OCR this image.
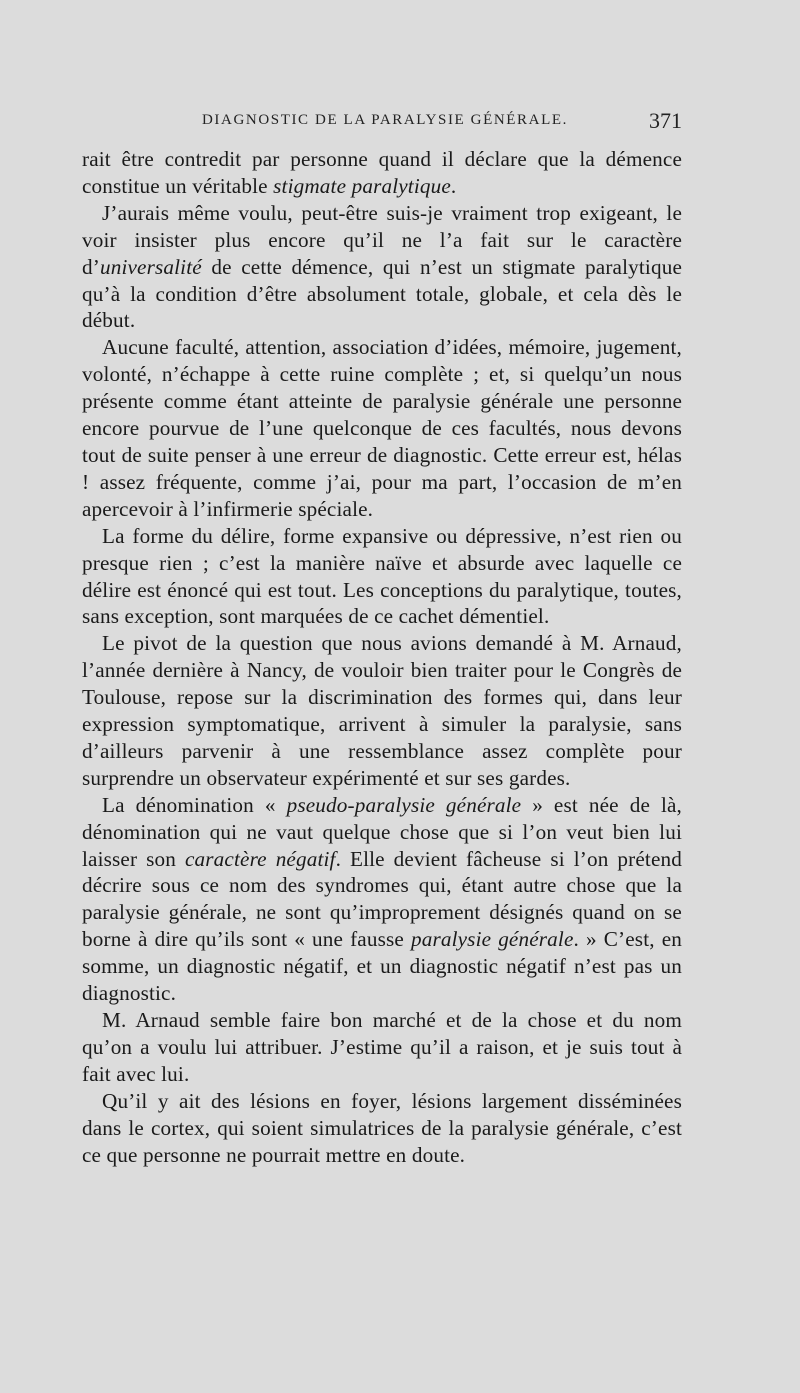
DIAGNOSTIC DE LA PARALYSIE GÉNÉRALE.	371

rait être contredit par personne quand il déclare que la démence constitue un véritable stigmate paralytique.

J’aurais même voulu, peut-être suis-je vraiment trop exigeant, le voir insister plus encore qu’il ne l’a fait sur le caractère d’universalité de cette démence, qui n’est un stigmate paralytique qu’à la condition d’être absolument totale, globale, et cela dès le début.

Aucune faculté, attention, association d’idées, mémoire, jugement, volonté, n’échappe à cette ruine complète ; et, si quelqu’un nous présente comme étant atteinte de paralysie générale une personne encore pourvue de l’une quelconque de ces facultés, nous devons tout de suite penser à une erreur de diagnostic. Cette erreur est, hélas ! assez fréquente, comme j’ai, pour ma part, l’occasion de m’en apercevoir à l’infirmerie spéciale.

La forme du délire, forme expansive ou dépressive, n’est rien ou presque rien ; c’est la manière naïve et absurde avec laquelle ce délire est énoncé qui est tout. Les conceptions du paralytique, toutes, sans exception, sont marquées de ce cachet démentiel.

Le pivot de la question que nous avions demandé à M. Arnaud, l’année dernière à Nancy, de vouloir bien traiter pour le Congrès de Toulouse, repose sur la discrimination des formes qui, dans leur expression symptomatique, arrivent à simuler la paralysie, sans d’ailleurs parvenir à une ressemblance assez complète pour surprendre un observateur expérimenté et sur ses gardes.

La dénomination « pseudo-paralysie générale » est née de là, dénomination qui ne vaut quelque chose que si l’on veut bien lui laisser son caractère négatif. Elle devient fâcheuse si l’on prétend décrire sous ce nom des syndromes qui, étant autre chose que la paralysie générale, ne sont qu’improprement désignés quand on se borne à dire qu’ils sont « une fausse paralysie générale. » C’est, en somme, un diagnostic négatif, et un diagnostic négatif n’est pas un diagnostic.

M. Arnaud semble faire bon marché et de la chose et du nom qu’on a voulu lui attribuer. J’estime qu’il a raison, et je suis tout à fait avec lui.

Qu’il y ait des lésions en foyer, lésions largement disséminées dans le cortex, qui soient simulatrices de la paralysie générale, c’est ce que personne ne pourrait mettre en doute.
